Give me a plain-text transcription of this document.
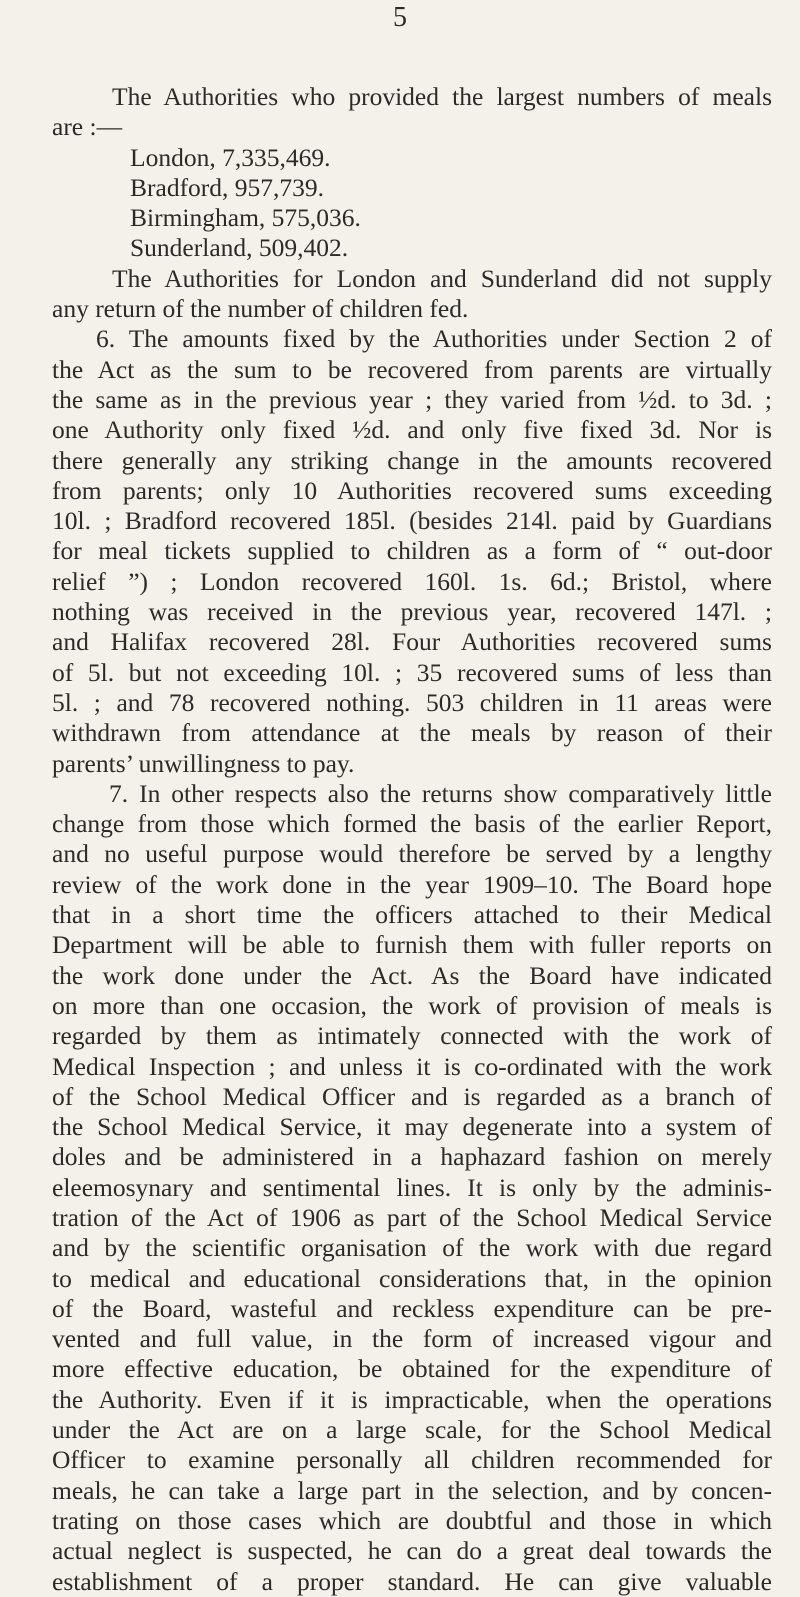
5
The Authorities who provided the largest numbers of meals
are :—
London, 7,335,469.
Bradford, 957,739.
Birmingham, 575,036.
Sunderland, 509,402.
The Authorities for London and Sunderland did not supply
any return of the number of children fed.
6. The amounts fixed by the Authorities under Section 2 of
the Act as the sum to be recovered from parents are virtually
the same as in the previous year ; they varied from ½d. to 3d. ;
one Authority only fixed ½d. and only five fixed 3d. Nor is
there generally any striking change in the amounts recovered
from parents; only 10 Authorities recovered sums exceeding
10l. ; Bradford recovered 185l. (besides 214l. paid by Guardians
for meal tickets supplied to children as a form of “ out-door
relief ”) ; London recovered 160l. 1s. 6d.; Bristol, where
nothing was received in the previous year, recovered 147l. ;
and Halifax recovered 28l. Four Authorities recovered sums
of 5l. but not exceeding 10l. ; 35 recovered sums of less than
5l. ; and 78 recovered nothing. 503 children in 11 areas were
withdrawn from attendance at the meals by reason of their
parents’ unwillingness to pay.
7. In other respects also the returns show comparatively little
change from those which formed the basis of the earlier Report,
and no useful purpose would therefore be served by a lengthy
review of the work done in the year 1909–10. The Board hope
that in a short time the officers attached to their Medical
Department will be able to furnish them with fuller reports on
the work done under the Act. As the Board have indicated
on more than one occasion, the work of provision of meals is
regarded by them as intimately connected with the work of
Medical Inspection ; and unless it is co-ordinated with the work
of the School Medical Officer and is regarded as a branch of
the School Medical Service, it may degenerate into a system of
doles and be administered in a haphazard fashion on merely
eleemosynary and sentimental lines. It is only by the adminis-
tration of the Act of 1906 as part of the School Medical Service
and by the scientific organisation of the work with due regard
to medical and educational considerations that, in the opinion
of the Board, wasteful and reckless expenditure can be pre-
vented and full value, in the form of increased vigour and
more effective education, be obtained for the expenditure of
the Authority. Even if it is impracticable, when the operations
under the Act are on a large scale, for the School Medical
Officer to examine personally all children recommended for
meals, he can take a large part in the selection, and by concen-
trating on those cases which are doubtful and those in which
actual neglect is suspected, he can do a great deal towards the
establishment of a proper standard. He can give valuable
